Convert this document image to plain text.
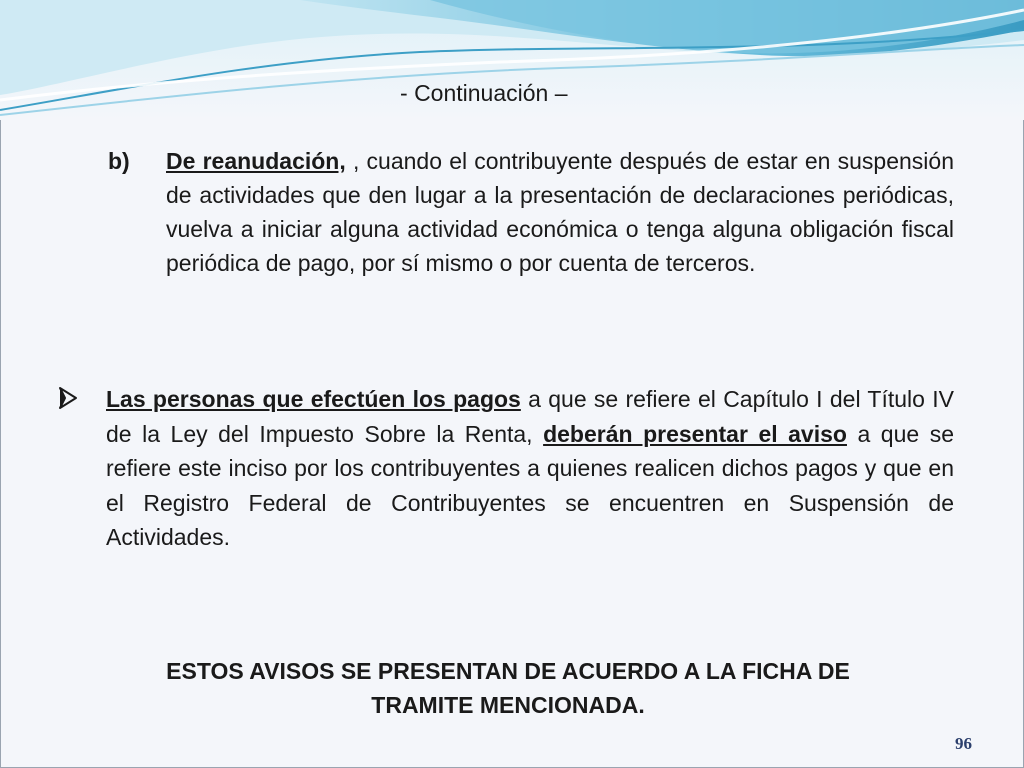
- Continuación –
b) De reanudación, , cuando el contribuyente después de estar en suspensión de actividades que den lugar a la presentación de declaraciones periódicas, vuelva a iniciar alguna actividad económica o tenga alguna obligación fiscal periódica de pago, por sí mismo o por cuenta de terceros.
Las personas que efectúen los pagos a que se refiere el Capítulo I del Título IV de la Ley del Impuesto Sobre la Renta, deberán presentar el aviso a que se refiere este inciso por los contribuyentes a quienes realicen dichos pagos y que en el Registro Federal de Contribuyentes se encuentren en Suspensión de Actividades.
ESTOS AVISOS SE PRESENTAN DE ACUERDO A LA FICHA DE
TRAMITE MENCIONADA.
96
